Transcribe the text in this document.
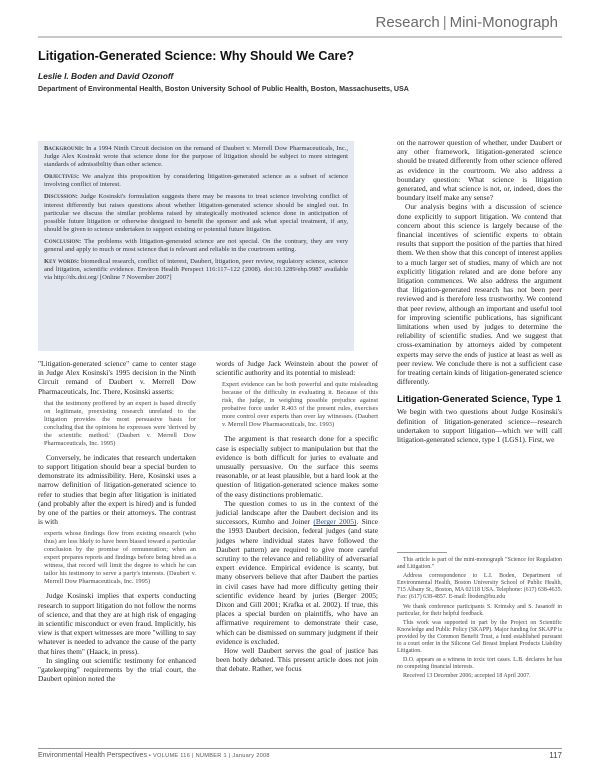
Research | Mini-Monograph
Litigation-Generated Science: Why Should We Care?
Leslie I. Boden and David Ozonoff
Department of Environmental Health, Boston University School of Public Health, Boston, Massachusetts, USA

Background: In a 1994 Ninth Circuit decision on the remand of Daubert v. Merrell Dow Pharmaceuticals, Inc., Judge Alex Kosinski wrote that science done for the purpose of litigation should be subject to more stringent standards of admissibility than other science.

Objectives: We analyze this proposition by considering litigation-generated science as a subset of science involving conflict of interest.

Discussion: Judge Kosinski's formulation suggests there may be reasons to treat science involving conflict of interest differently but raises questions about whether litigation-generated science should be singled out. In particular we discuss the similar problems raised by strategically motivated science done in anticipation of possible future litigation or otherwise designed to benefit the sponsor and ask what special treatment, if any, should be given to science undertaken to support existing or potential future litigation.

Conclusion: The problems with litigation-generated science are not special. On the contrary, they are very general and apply to much or most science that is relevant and reliable in the courtroom setting.

Key words: biomedical research, conflict of interest, Daubert, litigation, peer review, regulatory science, science and litigation, scientific evidence. Environ Health Perspect 116:117–122 (2008). doi:10.1289/ehp.9987 available via http://dx.doi.org/ [Online 7 November 2007]

"Litigation-generated science" came to center stage in Judge Alex Kosinski's 1995 decision in the Ninth Circuit remand of Daubert v. Merrell Dow Pharmaceuticals, Inc. There, Kosinski asserts:

that the testimony proffered by an expert is based directly on legitimate, preexisting research unrelated to the litigation provides the most persuasive basis for concluding that the opinions he expresses were 'derived by the scientific method.' (Daubert v. Merrell Dow Pharmaceuticals, Inc. 1995)

Conversely, he indicates that research undertaken to support litigation should bear a special burden to demonstrate its admissibility. Here, Kosinski uses a narrow definition of litigation-generated science to refer to studies that begin after litigation is initiated (and probably after the expert is hired) and is funded by one of the parties or their attorneys. The contrast is with

experts whose findings flow from existing research (who thus) are less likely to have been biased toward a particular conclusion by the promise of remuneration; when an expert prepares reports and findings before being hired as a witness, that record will limit the degree to which he can tailor his testimony to serve a party's interests. (Daubert v. Merrell Dow Pharmaceuticals, Inc. 1995)

Judge Kosinski implies that experts conducting research to support litigation do not follow the norms of science, and that they are at high risk of engaging in scientific misconduct or even fraud. Implicitly, his view is that expert witnesses are more "willing to say whatever is needed to advance the cause of the party that hires them" (Haack, in press).

In singling out scientific testimony for enhanced "gatekeeping" requirements by the trial court, the Daubert opinion noted the

words of Judge Jack Weinstein about the power of scientific authority and its potential to mislead:

Expert evidence can be both powerful and quite misleading because of the difficulty in evaluating it. Because of this risk, the judge, in weighing possible prejudice against probative force under R.403 of the present rules, exercises more control over experts than over lay witnesses. (Daubert v. Merrell Dow Pharmaceuticals, Inc. 1993)

The argument is that research done for a specific case is especially subject to manipulation but that the evidence is both difficult for juries to evaluate and unusually persuasive. On the surface this seems reasonable, or at least plausible, but a hard look at the question of litigation-generated science makes some of the easy distinctions problematic.

The question comes to us in the context of the judicial landscape after the Daubert decision and its successors, Kumho and Joiner (Berger 2005). Since the 1993 Daubert decision, federal judges (and state judges where individual states have followed the Daubert pattern) are required to give more careful scrutiny to the relevance and reliability of adversarial expert evidence. Empirical evidence is scanty, but many observers believe that after Daubert the parties in civil cases have had more difficulty getting their scientific evidence heard by juries (Berger 2005; Dixon and Gill 2001; Krafka et al. 2002). If true, this places a special burden on plaintiffs, who have an affirmative requirement to demonstrate their case, which can be dismissed on summary judgment if their evidence is excluded.

How well Daubert serves the goal of justice has been hotly debated. This present article does not join that debate. Rather, we focus

on the narrower question of whether, under Daubert or any other framework, litigation-generated science should be treated differently from other science offered as evidence in the courtroom. We also address a boundary question: What science is litigation generated, and what science is not, or, indeed, does the boundary itself make any sense?

Our analysis begins with a discussion of science done explicitly to support litigation. We contend that concern about this science is largely because of the financial incentives of scientific experts to obtain results that support the position of the parties that hired them. We then show that this concept of interest applies to a much larger set of studies, many of which are not explicitly litigation related and are done before any litigation commences. We also address the argument that litigation-generated research has not been peer reviewed and is therefore less trustworthy. We contend that peer review, although an important and useful tool for improving scientific publications, has significant limitations when used by judges to determine the reliability of scientific studies. And we suggest that cross-examination by attorneys aided by competent experts may serve the ends of justice at least as well as peer review. We conclude there is not a sufficient case for treating certain kinds of litigation-generated science differently.

Litigation-Generated Science, Type 1

We begin with two questions about Judge Kosinski's definition of litigation-generated science—research undertaken to support litigation—which we will call litigation-generated science, type 1 (LGS1). First, we

This article is part of the mini-monograph "Science for Regulation and Litigation."

Address correspondence to L.I. Boden, Department of Environmental Health, Boston University School of Public Health, 715 Albany St., Boston, MA 02118 USA. Telephone: (617) 638-4635. Fax: (617) 638-4857. E-mail: lboden@bu.edu

We thank conference participants S. Krimsky and S. Jasanoff in particular, for their helpful feedback.

This work was supported in part by the Project on Scientific Knowledge and Public Policy (SKAPP). Major funding for SKAPP is provided by the Common Benefit Trust, a fund established pursuant to a court order in the Silicone Gel Breast Implant Products Liability Litigation.

D.O. appears as a witness in toxic tort cases. L.B. declares he has no competing financial interests.

Received 13 December 2006; accepted 18 April 2007.

Environmental Health Perspectives • VOLUME 116 | NUMBER 1 | January 2008	117
